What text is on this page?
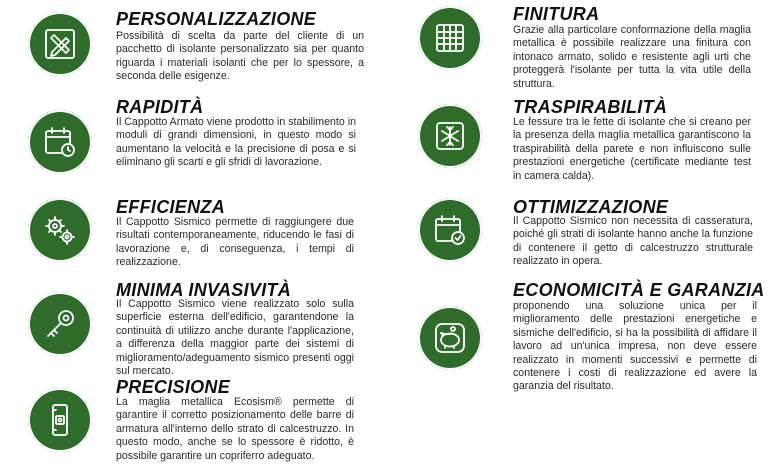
PERSONALIZZAZIONE
Possibilità di scelta da parte del cliente di un pacchetto di isolante personalizzato sia per quanto riguarda i materiali isolanti che per lo spessore, a seconda delle esigenze.
RAPIDITÀ
Il Cappotto Armato viene prodotto in stabilimento in moduli di grandi dimensioni, in questo modo si aumentano la velocità e la precisione di posa e si eliminano gli scarti e gli sfridi di lavorazione.
EFFICIENZA
Il Cappotto Sismico permette di raggiungere due risultati contemporaneamente, riducendo le fasi di lavorazione e, di conseguenza, i tempi di realizzazione.
MINIMA INVASIVITÀ
Il Cappotto Sismico viene realizzato solo sulla superficie esterna dell'edificio, garantendone la continuità di utilizzo anche durante l'applicazione, a differenza della maggior parte dei sistemi di miglioramento/adeguamento sismico presenti oggi sul mercato.
PRECISIONE
La maglia metallica Ecosism® permette di garantire il corretto posizionamento delle barre di armatura all'interno dello strato di calcestruzzo. In questo modo, anche se lo spessore è ridotto, è possibile garantire un copriferro adeguato.
FINITURA
Grazie alla particolare conformazione della maglia metallica è possibile realizzare una finitura con intonaco armato, solido e resistente agli urti che proteggerà l'isolante per tutta la vita utile della struttura.
TRASPIRABILITÀ
Le fessure tra le fette di isolante che si creano per la presenza della maglia metallica garantiscono la traspirabilità della parete e non influiscono sulle prestazioni energetiche (certificate mediante test in camera calda).
OTTIMIZZAZIONE
Il Cappotto Sismico non necessita di casseratura, poiché gli strati di isolante hanno anche la funzione di contenere il getto di calcestruzzo strutturale realizzato in opera.
ECONOMICITÀ E GARANZIA
proponendo una soluzione unica per il miglioramento delle prestazioni energetiche e sismiche dell'edificio, si ha la possibilità di affidare il lavoro ad un'unica impresa, non deve essere realizzato in momenti successivi e permette di contenere i costi di realizzazione ed avere la garanzia del risultato.
